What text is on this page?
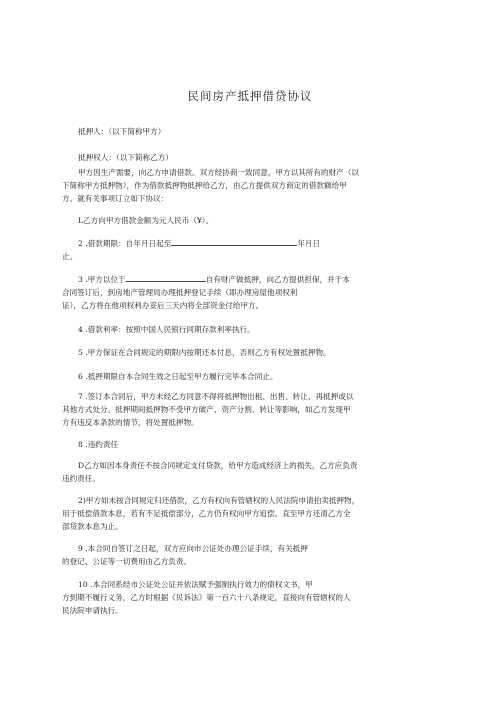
民间房产抵押借贷协议
抵押人：（以下简称甲方）
抵押权人：（以下简称乙方）
甲方因生产需要，向乙方申请借款。双方经协商一致同意，甲方以其所有的财产（以
下简称甲方抵押物），作为借款抵押物抵押给乙方，由乙方提供双方商定的借款额给甲
方。就有关事项订立如下协议：
L乙方向甲方借款金额为元人民币（¥）。
2 .借款期限：自年月日起至	年月日
止。
3 .甲方以位于	自有财产做抵押，向乙方提供担保，并于本
合同签订后，到房地产管理局办理抵押登记手续（即办理房屋他项权利
证），乙方将在他项权利办妥后三天内将全部资金付给甲方。
4 .借款利率：按照中国人民银行同期存款利率执行。
5 .甲方保证在合同规定的期限内按期还本付息，否则乙方有权处置抵押物。
6 .抵押期限自本合同生效之日起至甲方履行完毕本合同止。
7 .签订本合同后，甲方未经乙方同意不得将抵押物出租、出售、转让、再抵押或以
其他方式处分。抵押期间抵押物不受甲方破产、资产分割、转让等影响，如乙方发现甲
方有违反本条款的情节，将处置抵押物。
8 .违约责任
D乙方如因本身责任不按合同规定支付贷款，给甲方造成经济上的损失，乙方应负责
违约责任。
2)甲方如未按合同规定归还借款，乙方有权向有管辖权的人民法院申请拍卖抵押物，
用于抵偿借款本息，若有不足抵偿部分，乙方仍有权向甲方追偿。直至甲方还清乙方全
部贷款本息为止。
9 .本合同自签订之日起，双方应向市公证处办理公证手续，有关抵押
的登记、公证等一切费用由乙方负责。
10 .本合同系经市公证处公证并依法赋予强制执行效力的债权文书，甲
方到期不履行义务，乙方时根据《民诉法》第一百六十八条规定，直接向有管辖权的人
民法院申请执行。
